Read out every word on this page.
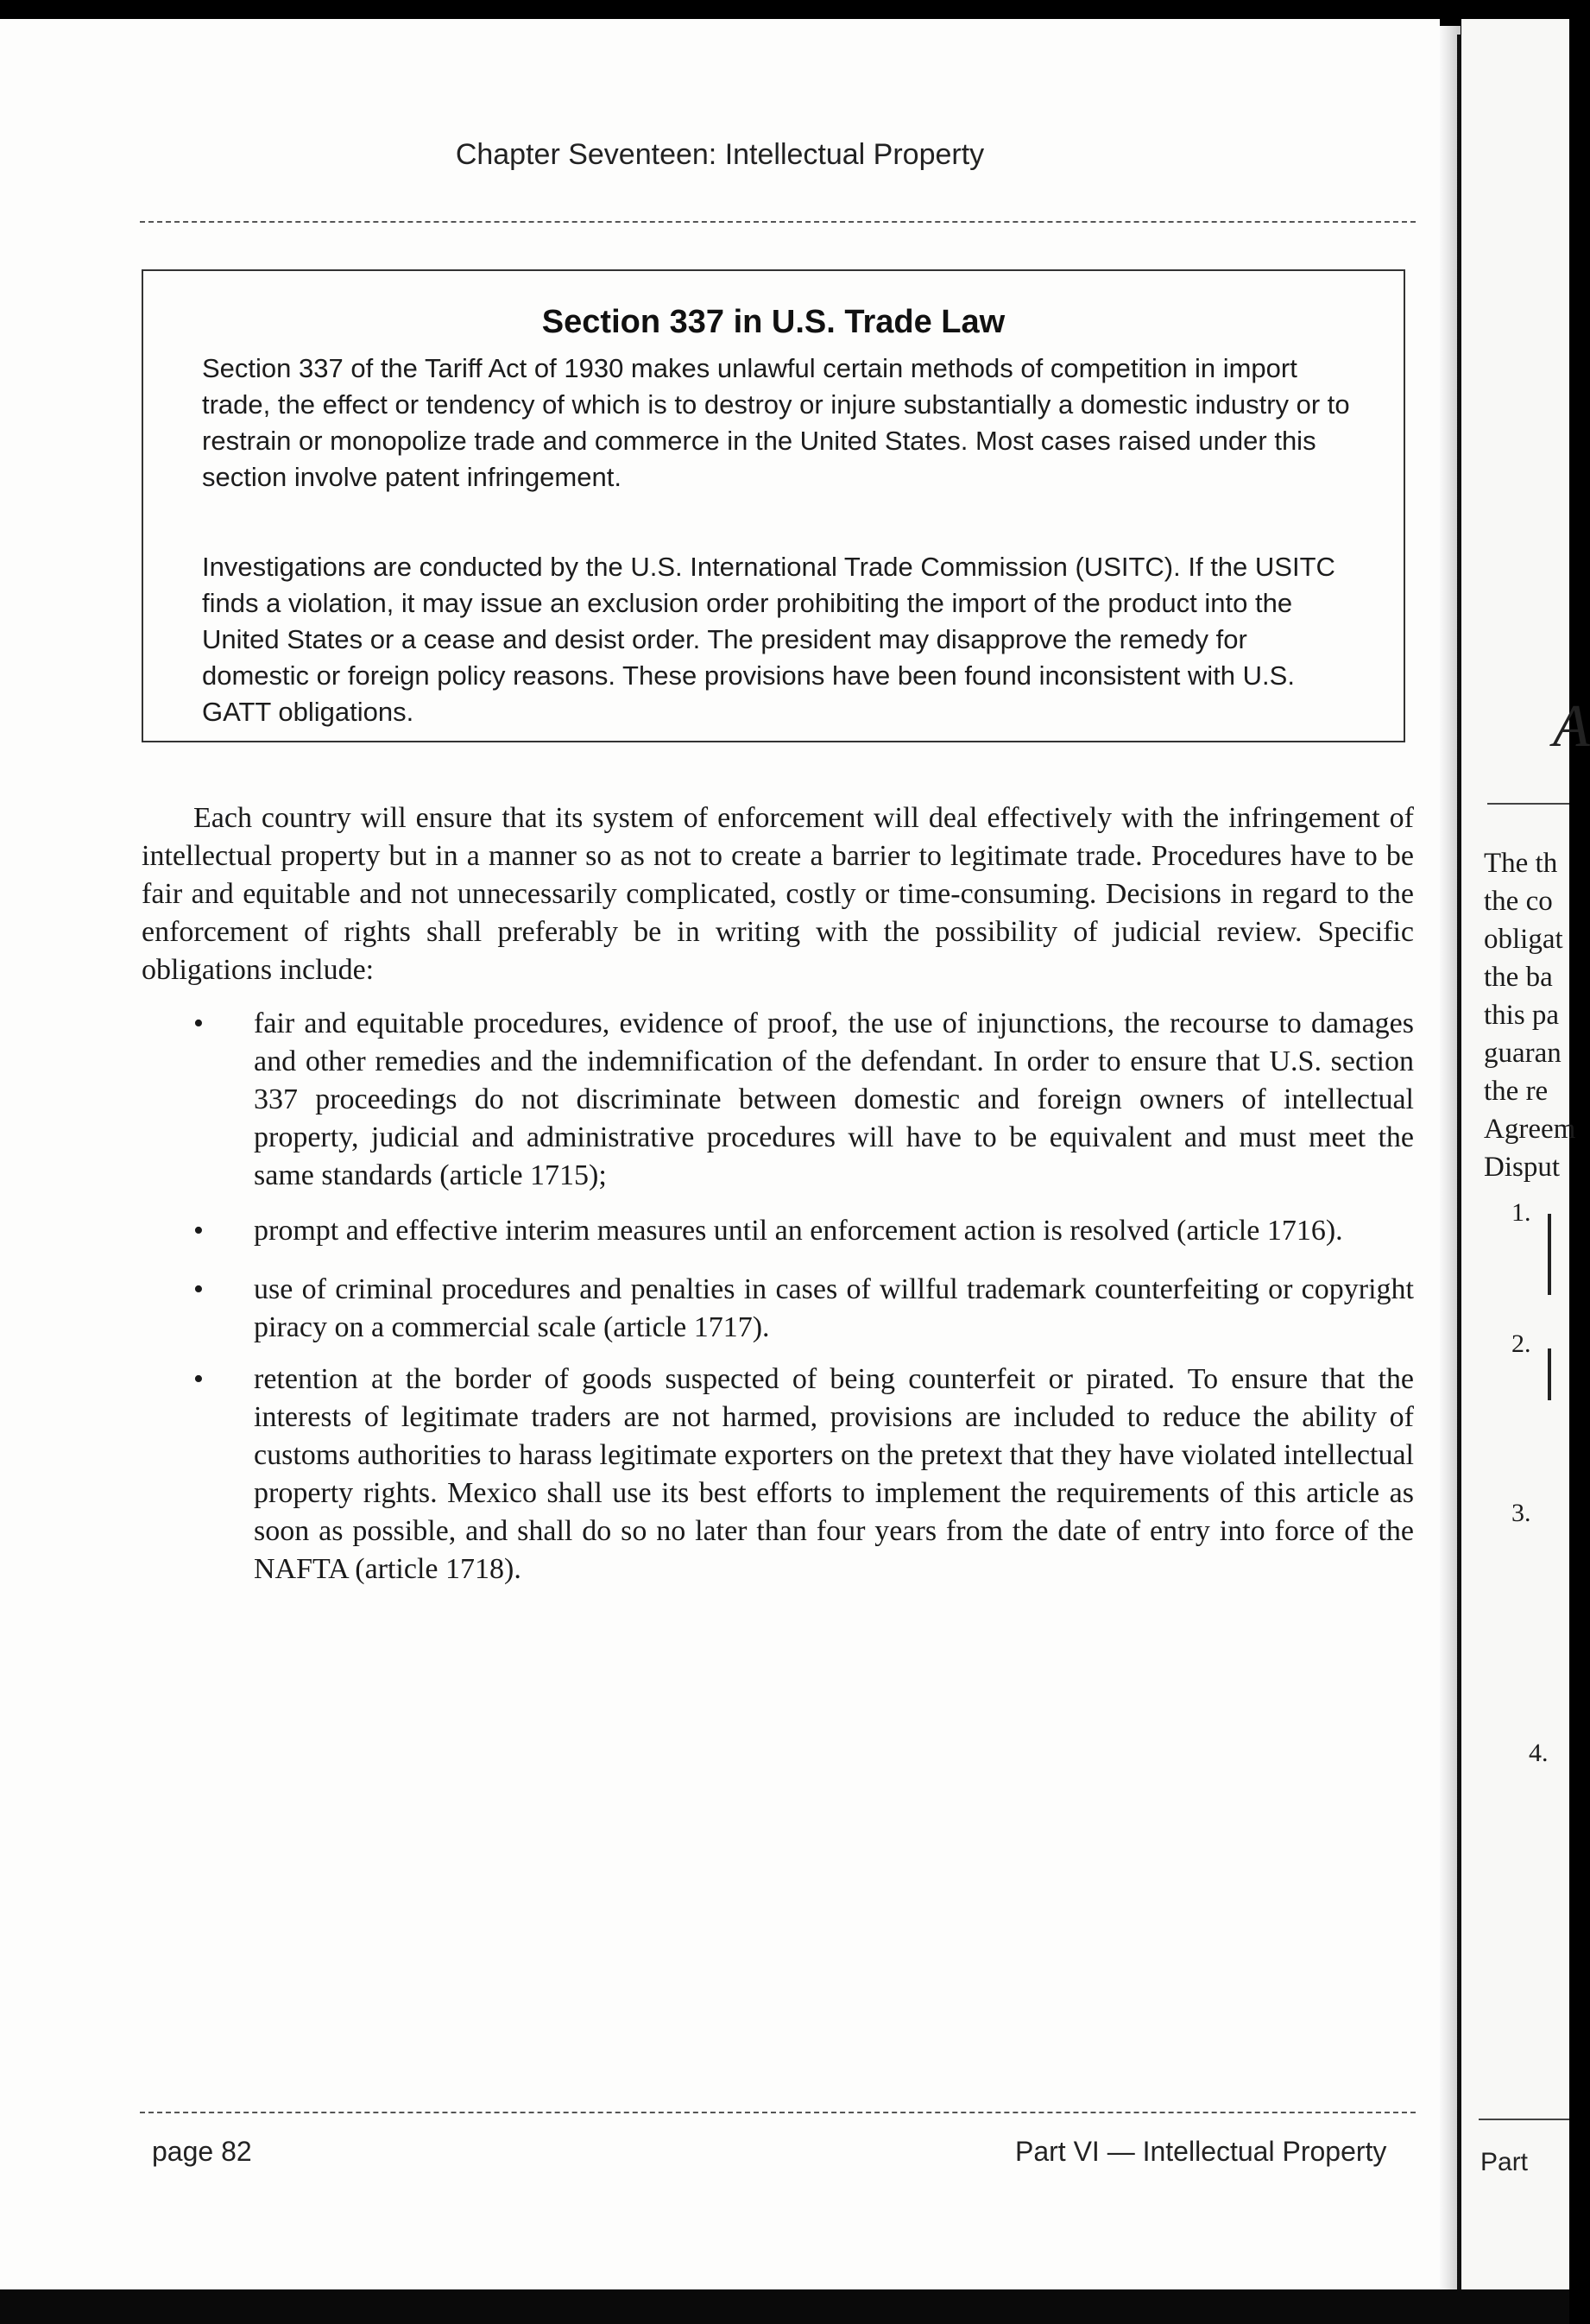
A
The th
the co
obligat
the ba
this pa
guaran
the re
Agreem
Disput
1.
2.
3.
4.
Part
Chapter Seventeen: Intellectual Property
Section 337 in U.S. Trade Law

Section 337 of the Tariff Act of 1930 makes unlawful certain methods of competition in import trade, the effect or tendency of which is to destroy or injure substantially a domestic industry or to restrain or monopolize trade and commerce in the United States. Most cases raised under this section involve patent infringement.

Investigations are conducted by the U.S. International Trade Commission (USITC). If the USITC finds a violation, it may issue an exclusion order prohibiting the import of the product into the United States or a cease and desist order. The president may disapprove the remedy for domestic or foreign policy reasons. These provisions have been found inconsistent with U.S. GATT obligations.

Each country will ensure that its system of enforcement will deal effectively with the infringement of intellectual property but in a manner so as not to create a barrier to legitimate trade. Procedures have to be fair and equitable and not unnecessarily complicated, costly or time-consuming. Decisions in regard to the enforcement of rights shall preferably be in writing with the possibility of judicial review. Specific obligations include:

• fair and equitable procedures, evidence of proof, the use of injunctions, the recourse to damages and other remedies and the indemnification of the defendant. In order to ensure that U.S. section 337 proceedings do not discriminate between domestic and foreign owners of intellectual property, judicial and administrative procedures will have to be equivalent and must meet the same standards (article 1715);

• prompt and effective interim measures until an enforcement action is resolved (article 1716).

• use of criminal procedures and penalties in cases of willful trademark counterfeiting or copyright piracy on a commercial scale (article 1717).

• retention at the border of goods suspected of being counterfeit or pirated. To ensure that the interests of legitimate traders are not harmed, provisions are included to reduce the ability of customs authorities to harass legitimate exporters on the pretext that they have violated intellectual property rights. Mexico shall use its best efforts to implement the requirements of this article as soon as possible, and shall do so no later than four years from the date of entry into force of the NAFTA (article 1718).

page 82	Part VI — Intellectual Property
